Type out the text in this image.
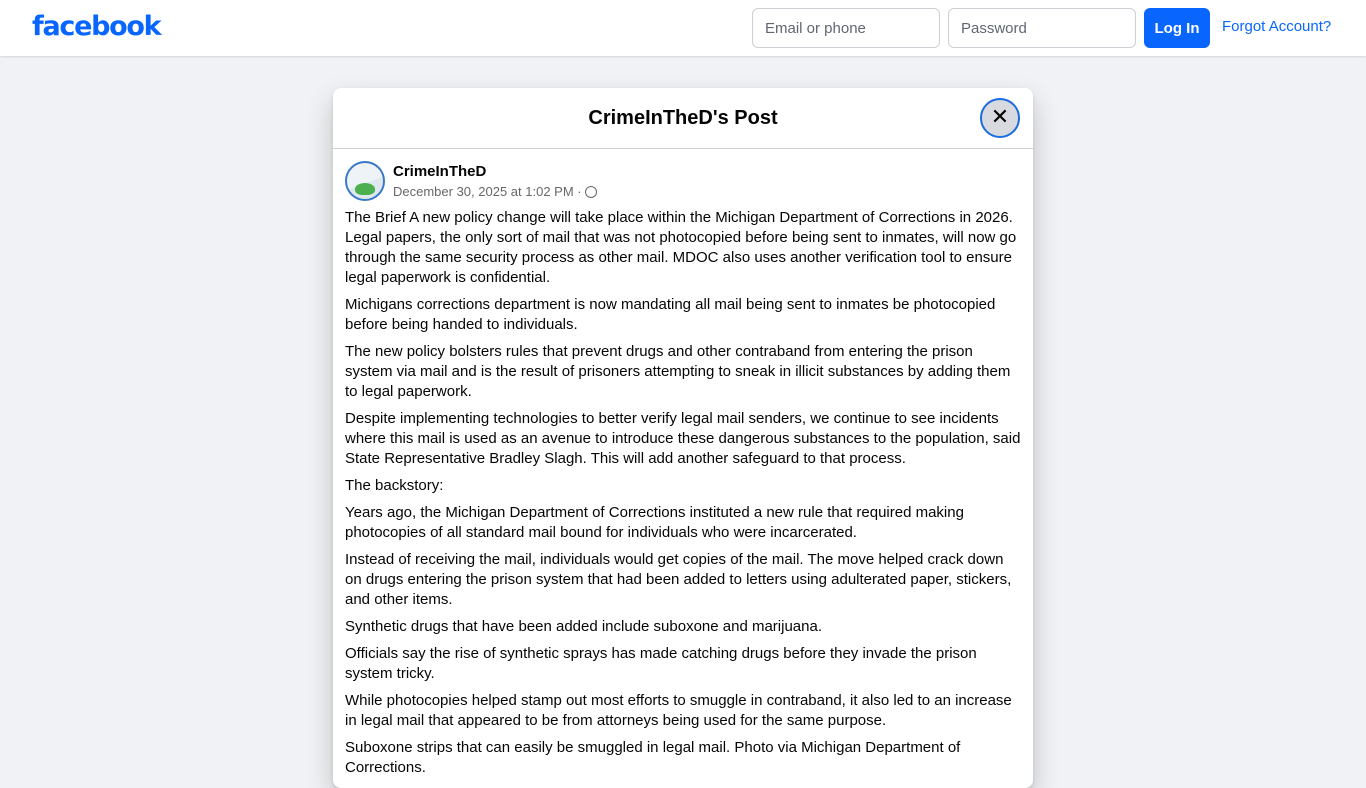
facebook
Email or phone	Log In	Forgot Account?
CrimeInTheD's Post	✕
CrimeInTheD
December 30, 2025 at 1:02 PM ·

The Brief A new policy change will take place within the Michigan Department of Corrections in 2026. Legal papers, the only sort of mail that was not photocopied before being sent to inmates, will now go through the same security process as other mail. MDOC also uses another verification tool to ensure legal paperwork is confidential.

Michigans corrections department is now mandating all mail being sent to inmates be photocopied before being handed to individuals.

The new policy bolsters rules that prevent drugs and other contraband from entering the prison system via mail and is the result of prisoners attempting to sneak in illicit substances by adding them to legal paperwork.

Despite implementing technologies to better verify legal mail senders, we continue to see incidents where this mail is used as an avenue to introduce these dangerous substances to the population, said State Representative Bradley Slagh. This will add another safeguard to that process.

The backstory:

Years ago, the Michigan Department of Corrections instituted a new rule that required making photocopies of all standard mail bound for individuals who were incarcerated.

Instead of receiving the mail, individuals would get copies of the mail. The move helped crack down on drugs entering the prison system that had been added to letters using adulterated paper, stickers, and other items.

Synthetic drugs that have been added include suboxone and marijuana.

Officials say the rise of synthetic sprays has made catching drugs before they invade the prison system tricky.

While photocopies helped stamp out most efforts to smuggle in contraband, it also led to an increase in legal mail that appeared to be from attorneys being used for the same purpose.

Suboxone strips that can easily be smuggled in legal mail. Photo via Michigan Department of Corrections.
